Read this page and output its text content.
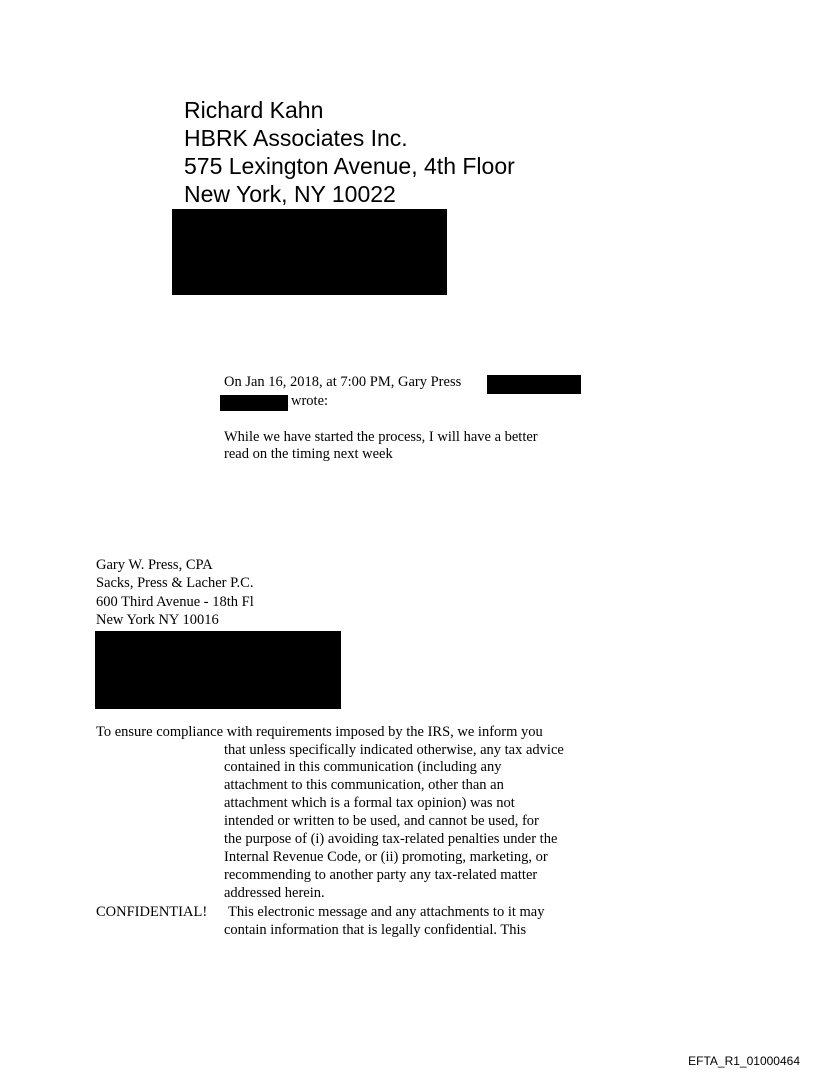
Richard Kahn
HBRK Associates Inc.
575 Lexington Avenue, 4th Floor
New York, NY 10022
On Jan 16, 2018, at 7:00 PM, Gary Press
wrote:
While we have started the process, I will have a better
read on the timing next week
Gary W. Press, CPA
Sacks, Press & Lacher P.C.
600 Third Avenue - 18th Fl
New York NY 10016
To ensure compliance with requirements imposed by the IRS, we inform you
that unless specifically indicated otherwise, any tax advice
contained in this communication (including any
attachment to this communication, other than an
attachment which is a formal tax opinion) was not
intended or written to be used, and cannot be used, for
the purpose of (i) avoiding tax-related penalties under the
Internal Revenue Code, or (ii) promoting, marketing, or
recommending to another party any tax-related matter
addressed herein.
CONFIDENTIAL! This electronic message and any attachments to it may
contain information that is legally confidential. This
EFTA_R1_01000464
